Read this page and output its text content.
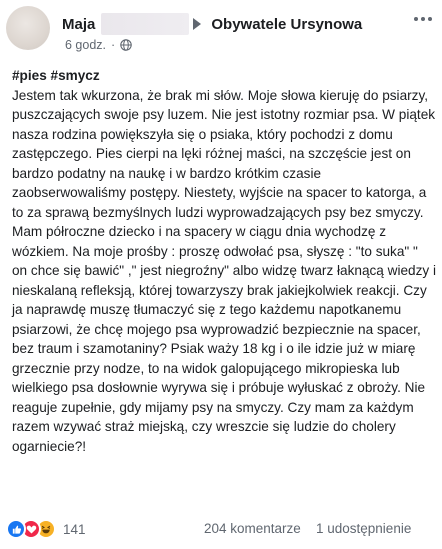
Maja	Obywatele Ursynowa
6 godz. ·
#pies #smycz
Jestem tak wkurzona, że brak mi słów. Moje słowa kieruję do psiarzy, puszczających swoje psy luzem. Nie jest istotny rozmiar psa. W piątek nasza rodzina powiększyła się o psiaka, który pochodzi z domu zastępczego. Pies cierpi na lęki różnej maści, na szczęście jest on bardzo podatny na naukę i w bardzo krótkim czasie zaobserwowaliśmy postępy. Niestety, wyjście na spacer to katorga, a to za sprawą bezmyślnych ludzi wyprowadzających psy bez smyczy. Mam półroczne dziecko i na spacery w ciągu dnia wychodzę z wózkiem. Na moje prośby : proszę odwołać psa, słyszę : "to suka" " on chce się bawić" ," jest niegroźny" albo widzę twarz łaknącą wiedzy i nieskalaną refleksją, której towarzyszy brak jakiejkolwiek reakcji. Czy ja naprawdę muszę tłumaczyć się z tego każdemu napotkanemu psiarzowi, że chcę mojego psa wyprowadzić bezpiecznie na spacer, bez traum i szamotaniny? Psiak waży 18 kg i o ile idzie już w miarę grzecznie przy nodze, to na widok galopującego mikropieska lub wielkiego psa dosłownie wyrywa się i próbuje wyłuskać z obroży. Nie reaguje zupełnie, gdy mijamy psy na smyczy. Czy mam za każdym razem wzywać straż miejską, czy wreszcie się ludzie do cholery ogarniecie?!
141	204 komentarze 1 udostępnienie
